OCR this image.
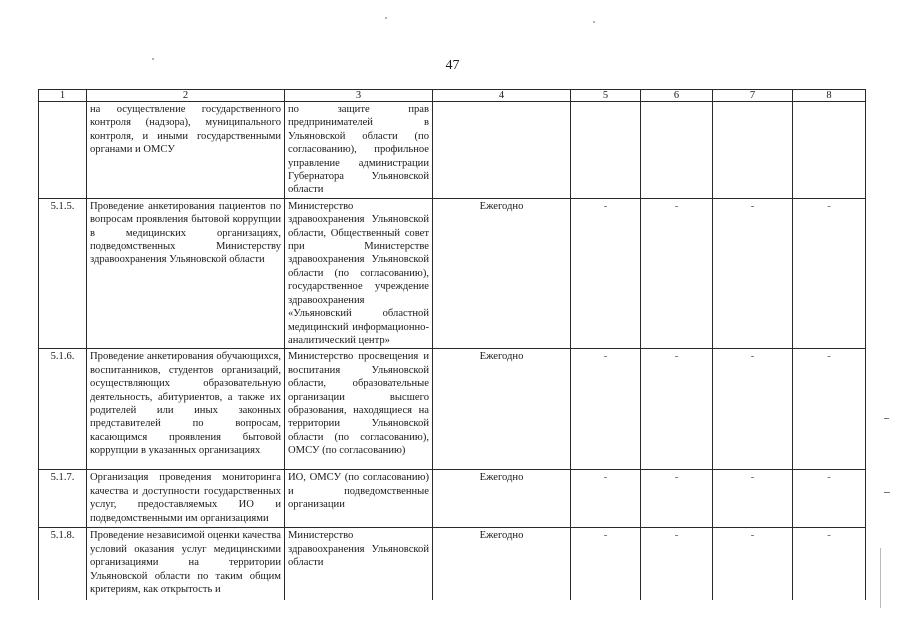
47
1	2	3	4	5	6	7	8
	на осуществление государственного контроля (надзора), муниципального контроля, и иными государственными органами и ОМСУ	по защите прав предпринимателей в Ульяновской области (по согласованию), профильное управление администрации Губернатора Ульяновской области					
5.1.5.	Проведение анкетирования пациентов по вопросам проявления бытовой коррупции в медицинских организациях, подведомственных Министерству здравоохранения Ульяновской области	Министерство здравоохранения Ульяновской области, Общественный совет при Министерстве здравоохранения Ульяновской области (по согласованию), государственное учреждение здравоохранения «Ульяновский областной медицинский информационно-аналитический центр»	Ежегодно	-	-	-	-
5.1.6.	Проведение анкетирования обучающихся, воспитанников, студентов организаций, осуществляющих образовательную деятельность, абитуриентов, а также их родителей или иных законных представителей по вопросам, касающимся проявления бытовой коррупции в указанных организациях	Министерство просвещения и воспитания Ульяновской области, образовательные организации высшего образования, находящиеся на территории Ульяновской области (по согласованию), ОМСУ (по согласованию)	Ежегодно	-	-	-	-
5.1.7.	Организация проведения мониторинга качества и доступности государственных услуг, предоставляемых ИО и подведомственными им организациями	ИО, ОМСУ (по согласованию) и подведомственные организации	Ежегодно	-	-	-	-
5.1.8.	Проведение независимой оценки качества условий оказания услуг медицинскими организациями на территории Ульяновской области по таким общим критериям, как открытость и	Министерство здравоохранения Ульяновской области	Ежегодно	-	-	-	-
